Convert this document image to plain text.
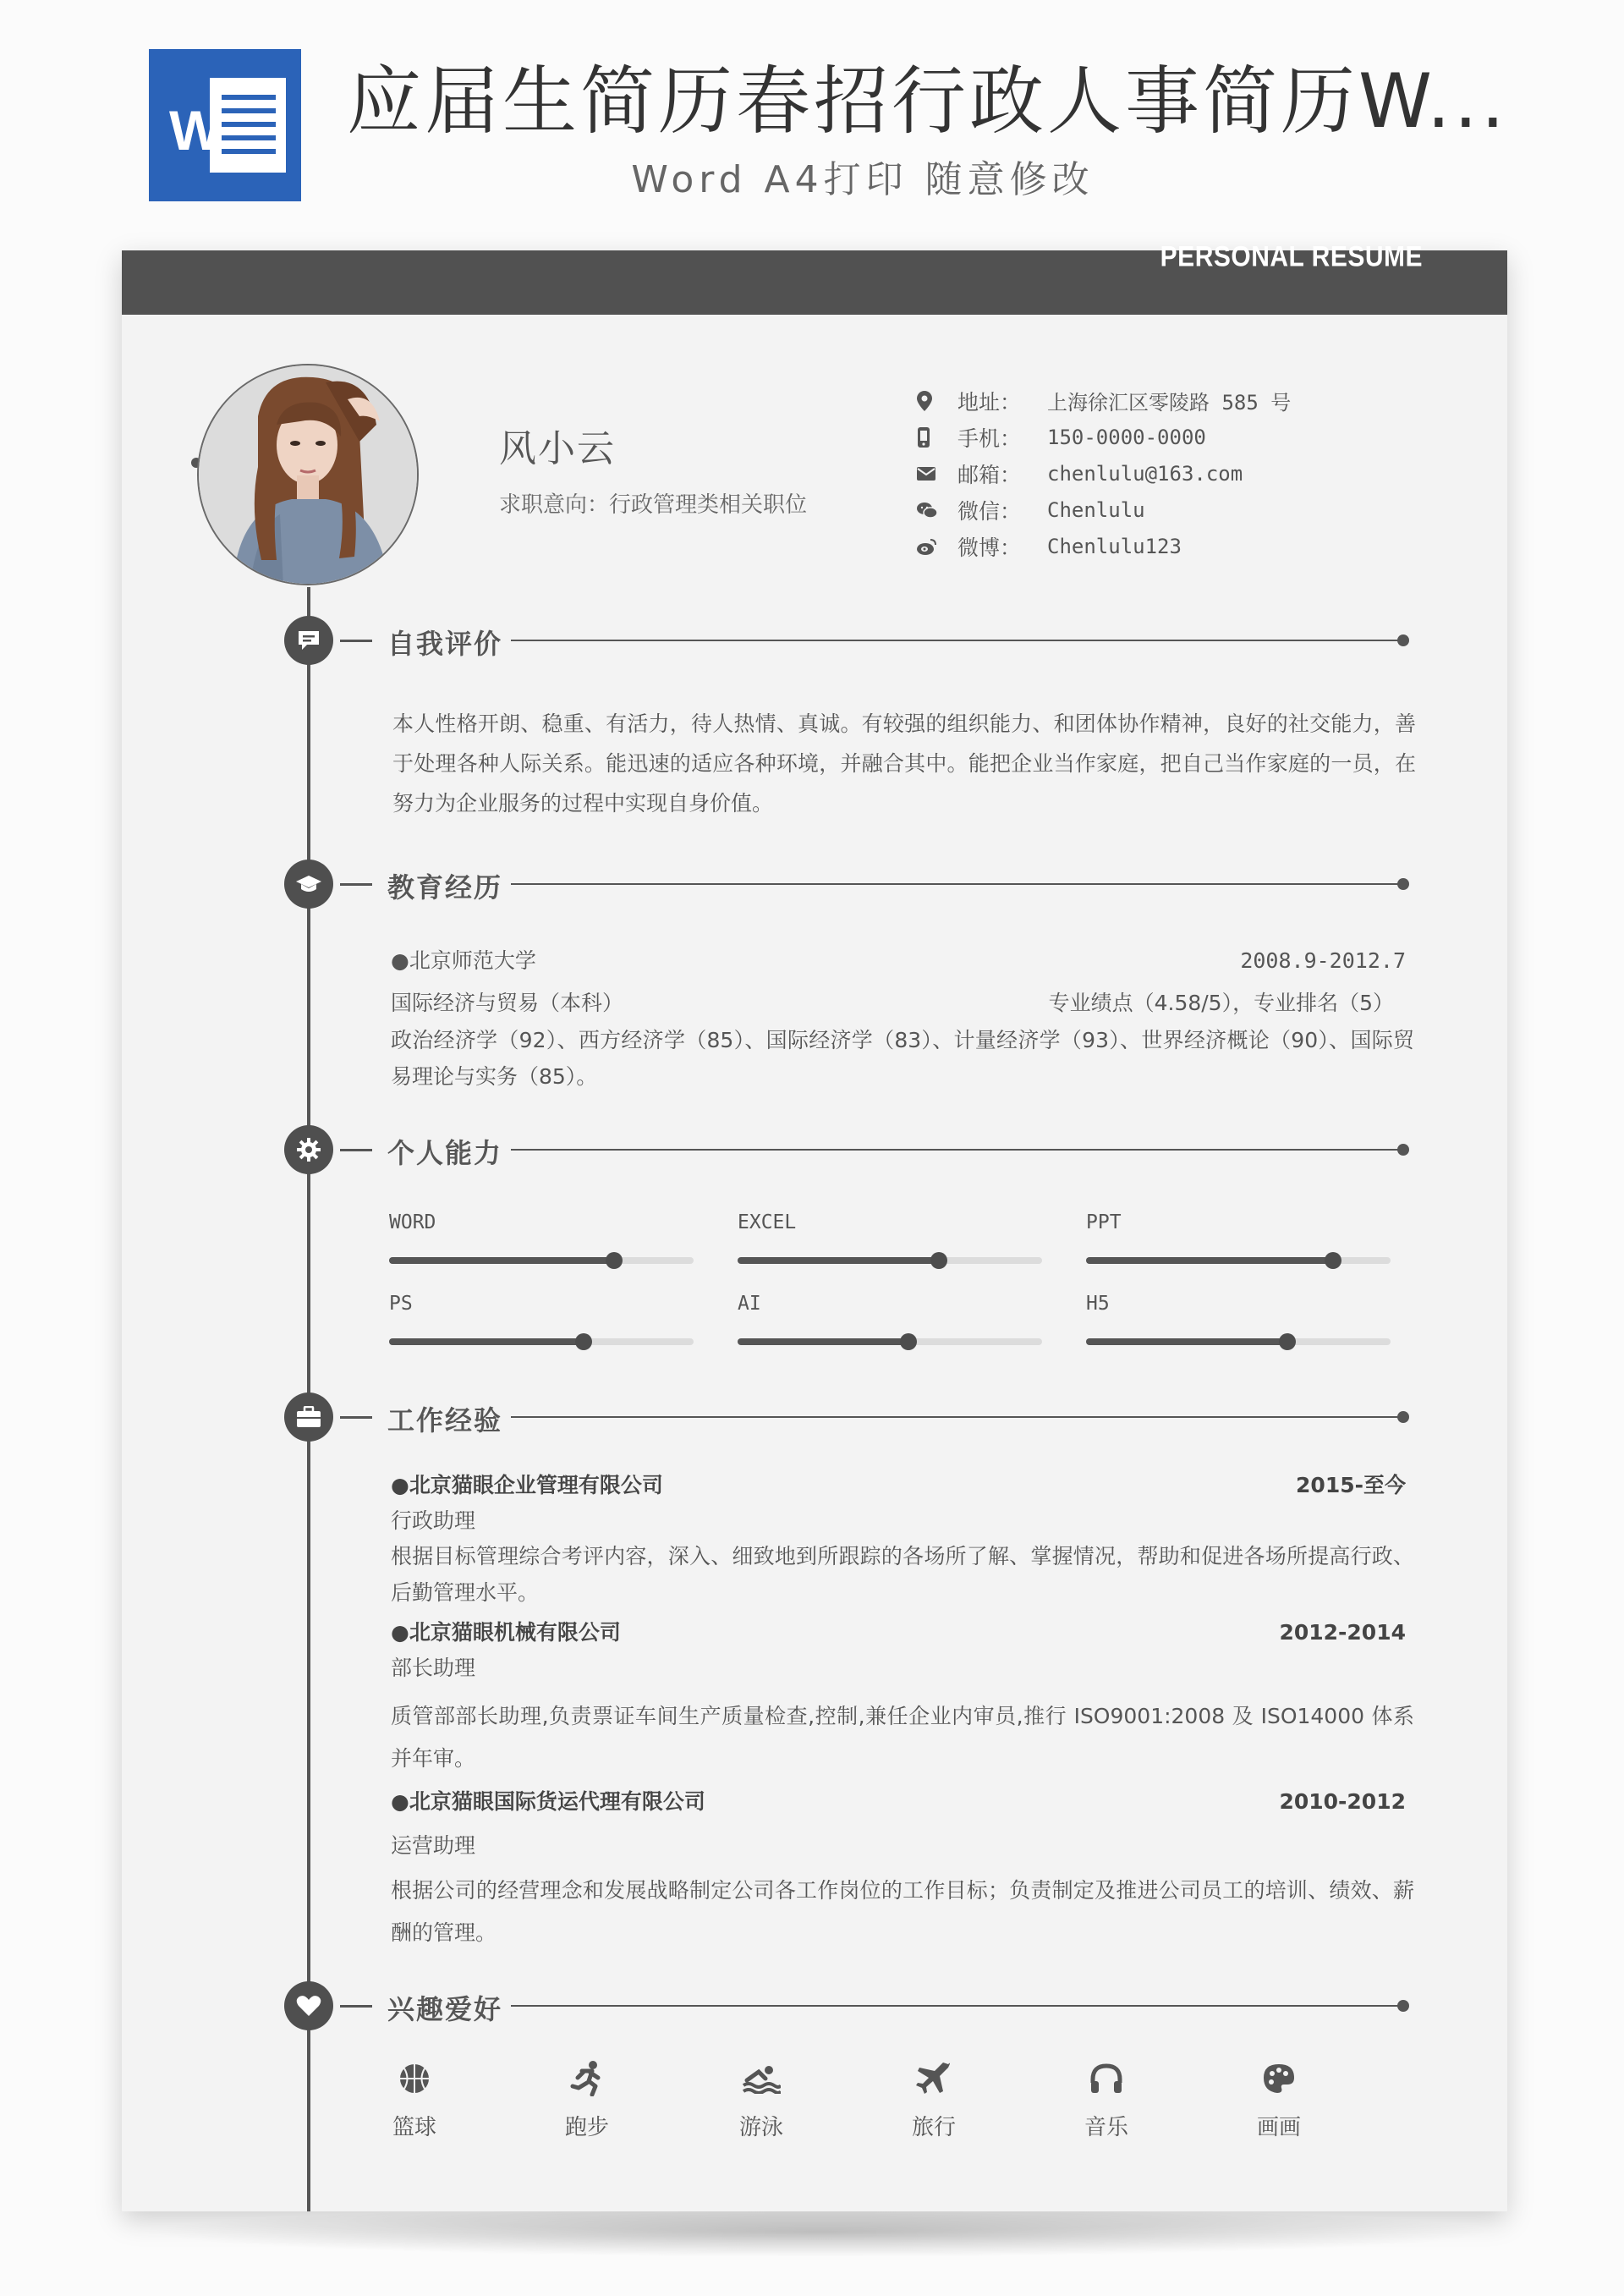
W 应届生简历春招行政人事简历W...
Word A4打印 随意修改
PERSONAL RESUME
风小云
求职意向：行政管理类相关职位
地址：	上海徐汇区零陵路 585 号
手机：	150-0000-0000
邮箱：	chenlulu@163.com
微信：	Chenlulu
微博：	Chenlulu123
自我评价
本人性格开朗、稳重、有活力，待人热情、真诚。有较强的组织能力、和团体协作精神，良好的社交能力，善于处理各种人际关系。能迅速的适应各种环境，并融合其中。能把企业当作家庭，把自己当作家庭的一员，在努力为企业服务的过程中实现自身价值。
教育经历
●北京师范大学	2008.9-2012.7
国际经济与贸易（本科）	专业绩点（4.58/5），专业排名（5）
政治经济学（92）、西方经济学（85）、国际经济学（83）、计量经济学（93）、世界经济概论（90）、国际贸易理论与实务（85）。
个人能力
WORD	EXCEL	PPT
PS	AI	H5
工作经验
●北京猫眼企业管理有限公司	2015-至今
行政助理
根据目标管理综合考评内容，深入、细致地到所跟踪的各场所了解、掌握情况，帮助和促进各场所提高行政、后勤管理水平。
●北京猫眼机械有限公司	2012-2014
部长助理
质管部部长助理,负责票证车间生产质量检查,控制,兼任企业内审员,推行 ISO9001:2008 及 ISO14000 体系并年审。
●北京猫眼国际货运代理有限公司	2010-2012
运营助理
根据公司的经营理念和发展战略制定公司各工作岗位的工作目标；负责制定及推进公司员工的培训、绩效、薪酬的管理。
兴趣爱好
篮球	跑步	游泳	旅行	音乐	画画
